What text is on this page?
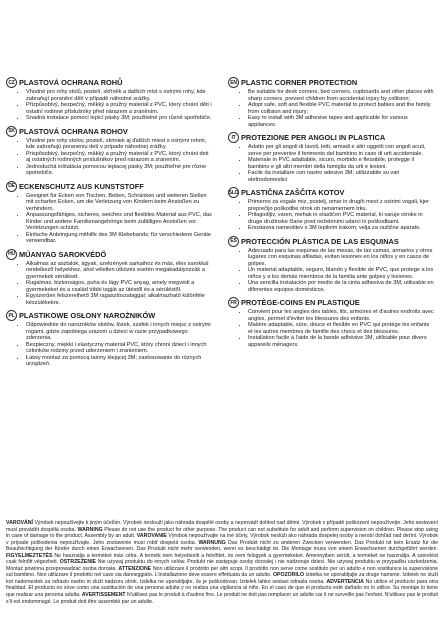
CZ PLASTOVÁ OCHRANA ROHŮ
• Vhodné pro rohy stolů, postelí, skříněk a dalších míst s ostrými rohy, kde zabraňují poranění dětí v případě náhodné srážky.
• Přizpůsobivý, bezpečný, měkký a pružný materiál z PVC, který chrání děti i ostatní rodinné příslušníky před nárazem a zraněním.
• Snadná instalace pomocí lepicí pásky 3M; použitelné pro různé spotřebiče.
SK PLASTOVÁ OCHRANA ROHOV
• Vhodné pre rohy stolov, postelí, skriniek aj ďalších miest s ostrými rohmi, kde zabraňujú poraneniu detí v prípade náhodnej zrážky.
• Prispôsobivý, bezpečný, mäkký a pružný materiál z PVC, ktorý chráni deti aj ostatných rodinných príslušníkov pred nárazom a zranením.
• Jednoduchá inštalácia pomocou lepiacej pásky 3M; použiteľné pre rôzne spotrebiče.
DE ECKENSCHUTZ AUS KUNSTSTOFF
• Geeignet für Ecken von Tischen, Betten, Schränken und weiteren Stellen mit scharfen Ecken, um die Verletzung von Kindern beim Anstoßen zu verhindern.
• Anpassungsfähiges, sicheres, weiches und flexibles Material aus PVC, das Kinder und andere Familienangehörige beim zufälligen Anstoßen vor Verletzungen schützt.
• Einfache Anbringung mithilfe des 3M Klebebands; für verschiedene Geräte verwendbar.
HU MŰANYAG SAROKVÉDŐ
• Alkalmas az asztalok, ágyak, szekrények sarkaihoz és más, éles sarokkal rendelkező helyekhez, ahol véletlen ütközés esetén megakadályozzák a gyermekek sérülését.
• Rugalmas, biztonságos, puha és lágy PVC anyag, amely megvédi a gyermekeket és a család többi tagját az ütéstől és a sérüléstől.
• Egyszerűen felszerelhető 3M ragasztószalaggal; alkalmazható különféle készülékekre.
PL PLASTIKOWE OSŁONY NAROŻNIKÓW
• Odpowiednie do narożników stołów, łóżek, szafek i innych miejsc z ostrymi rogami, gdzie zapobiega urazom u dzieci w razie przypadkowego zderzenia.
• Bezpieczny, miękki i elastyczny materiał PVC, który chroni dzieci i innych członków rodziny przed uderzeniem i zranieniem.
• Łatwy montaż za pomocą taśmy klejącej 3M; zastosowanie do różnych urządzeń.
EN PLASTIC CORNER PROTECTION
• Be suitable for desk corners, bed corners, cupboards and other places with sharp corners, prevent children from accidental injury by collision;
• Adopt safe, soft and flexible PVC material to protect babies and the family from collision and injury;
• Easy to install with 3M adhesive tapes and applicable for various appliances.
IT PROTEZIONE PER ANGOLI IN PLASTICA
• Adatto per gli angoli di tavoli, letti, armadi e altri oggetti con angoli acuti, serve per prevenire il ferimento del bambino in caso di urti accidentale.
• Materiale in PVC adattabile, sicuro, morbido e flessibile, protegge il bambino e gli altri membri della famiglia da urti e lesioni.
• Facile da installare con nastro adesivo 3M; utilizzabile su vari elettrodomestici
SLO PLASTIČNA ZAŠČITA KOTOV
• Primerno za vogale miz, postelj, omar in drugih mest z ostrimi vogali, kjer preprečijo poškodbe otrok ob nenamernem trku.
• Prilagodljiv, varen, mehak in elastičen PVC material, ki varuje otroke in druge družinske člane pred neželenimi udarci in poškodbami.
• Enostavna namestitev s 3M lepilnim trakom; velja za različne aparate.
ES PROTECCIÓN PLÁSTICA DE LAS ESQUINAS
• Adecuado para las esquinas de las mesas, de las camas, armarios y otros lugares con esquinas afiladas, evitan lesiones en los niños y en casos de golpes.
• Un material adaptable, seguro, blando y flexible de PVC, que protege a los niños y a los demás miembros de la familia ante golpes y lesiones.
• Una sencilla instalación por medio de la cinta adhesiva de 3M, utilizable en diferentes equipos domésticos.
FR PROTÈGE-COINS EN PLASTIQUE
• Convient pour les angles des tables, lits, armoires et d'autres endroits avec angles, permet d'éviter les blessures des enfants.
• Matière adaptable, sûre, douce et flexible en PVC qui protège les enfants et les autres membres de famille des chocs et des blessures.
• Installation facile à l'aide de la bande adhésive 3M, utilisable pour divers appareils ménagers.
VAROVÁNÍ Výrobek nepoužívejte k jiným účelům. Výrobek neslouží jako náhrada dospělé osoby a neprovádí dohled nad dětmi. Výrobek v případě poškození nepoužívejte. Jeho sestavení musí provádět dospělá osoba. WARNING Please do not use the product for other purpose. The product can not substitute for adult and perform supervision on children. Please stop using in case of damage to the product. Assembly by an adult. VAROVANIE Výrobok nepoužívajte na iné účely. Výrobok neslúži ako náhrada dospelej osoby a nerobí dohľad nad deťmi. Výrobok v prípade poškodenia nepoužívajte. Jeho zostavenie musí robiť dospelá osoba. WARNUNG Das Produkt nicht zu anderen Zwecken verwenden. Das Produkt ist kein Ersatz für die Beaufsichtigung der Kinder durch einen Erwachsenen. Das Produkt nicht mehr verwenden, wenn es beschädigt ist. Die Montage muss von einem Erwachsenen durchgeführt werden. FIGYELMEZTETÉS Ne használja a terméket más célra. A termék nem helyettesíti a felnőttet, és nem felügyeli a gyermekeket. Amennyiben sérült, a terméket ne használja. A szerelést csak felnőtt végezheti. OSTRZEŻENIE Nie używaj produktu do innych celów. Produkt nie zastępuje osoby dorosłej i nie nadzoruje dzieci. Nie używaj produktu w przypadku uszkodzenia. Montaż powinna przeprowadzać osoba dorosła. ATTENZIONE Non utilizzare il prodotto per altri scopi. Il prodotto non serve come sostituto per un adulto e non sostituisce la supervisione sul bambino. Non utilizzare il prodotto nel caso sia danneggiato. L'installazione deve essere effettuata da un adulto. OPOZORILO Izdelka ne uporabljajte za druge namene. Izdelek ne služi kot nadomestek za odraslo osebo in služi nadzoru otrok. Izdelka ne uporabljajte, če je poškodovan. Izdelek lahko sestavi odrasla oseba. ADVERTENCIA No utilice el producto para otra finalidad. El producto no sirve como una sustitución de una persona adulta y no realiza una vigilancia al niño. En el caso de que el producto esté dañado no lo utilice. Su montaje lo tiene que realizar una persona adulta. AVERTISSEMENT N'utilisez pas le produit à d'autres fins. Le produit ne doit pas remplacer un adulte car il ne surveille pas l'enfant. N'utilisez pas le produit s'il est endommagé. Le produit doit être assemblé par un adulte.
